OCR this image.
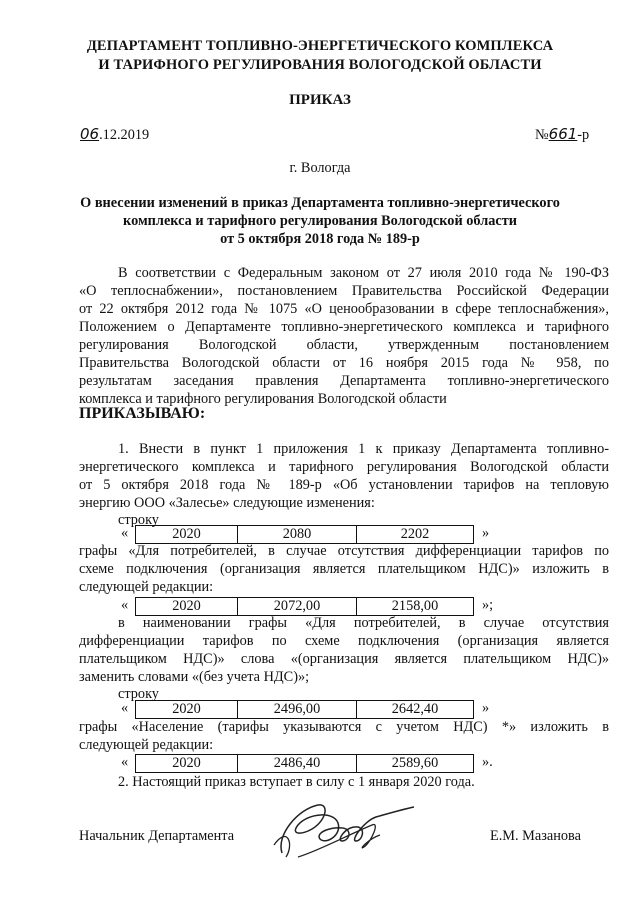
ДЕПАРТАМЕНТ ТОПЛИВНО-ЭНЕРГЕТИЧЕСКОГО КОМПЛЕКСА
И ТАРИФНОГО РЕГУЛИРОВАНИЯ ВОЛОГОДСКОЙ ОБЛАСТИ
ПРИКАЗ
06.12.2019	№661-р
г. Вологда
О внесении изменений в приказ Департамента топливно-энергетического
комплекса и тарифного регулирования Вологодской области
от 5 октября 2018 года № 189-р
В соответствии с Федеральным законом от 27 июля 2010 года № 190-ФЗ
«О теплоснабжении», постановлением Правительства Российской Федерации
от 22 октября 2012 года № 1075 «О ценообразовании в сфере теплоснабжения»,
Положением о Департаменте топливно-энергетического комплекса и тарифного
регулирования Вологодской области, утвержденным постановлением
Правительства Вологодской области от 16 ноября 2015 года № 958, по
результатам заседания правления Департамента топливно-энергетического
комплекса и тарифного регулирования Вологодской области
ПРИКАЗЫВАЮ:
1. Внести в пункт 1 приложения 1 к приказу Департамента топливно-
энергетического комплекса и тарифного регулирования Вологодской области
от 5 октября 2018 года № 189-р «Об установлении тарифов на тепловую
энергию ООО «Залесье» следующие изменения:
строку
«	2020	2080	2202	»
графы «Для потребителей, в случае отсутствия дифференциации тарифов по
схеме подключения (организация является плательщиком НДС)» изложить в
следующей редакции:
«	2020	2072,00	2158,00	»;
в наименовании графы «Для потребителей, в случае отсутствия
дифференциации тарифов по схеме подключения (организация является
плательщиком НДС)» слова «(организация является плательщиком НДС)»
заменить словами «(без учета НДС)»;
строку
«	2020	2496,00	2642,40	»
графы «Население (тарифы указываются с учетом НДС) *» изложить в
следующей редакции:
«	2020	2486,40	2589,60	».
2. Настоящий приказ вступает в силу с 1 января 2020 года.
Начальник Департамента	Е.М. Мазанова
